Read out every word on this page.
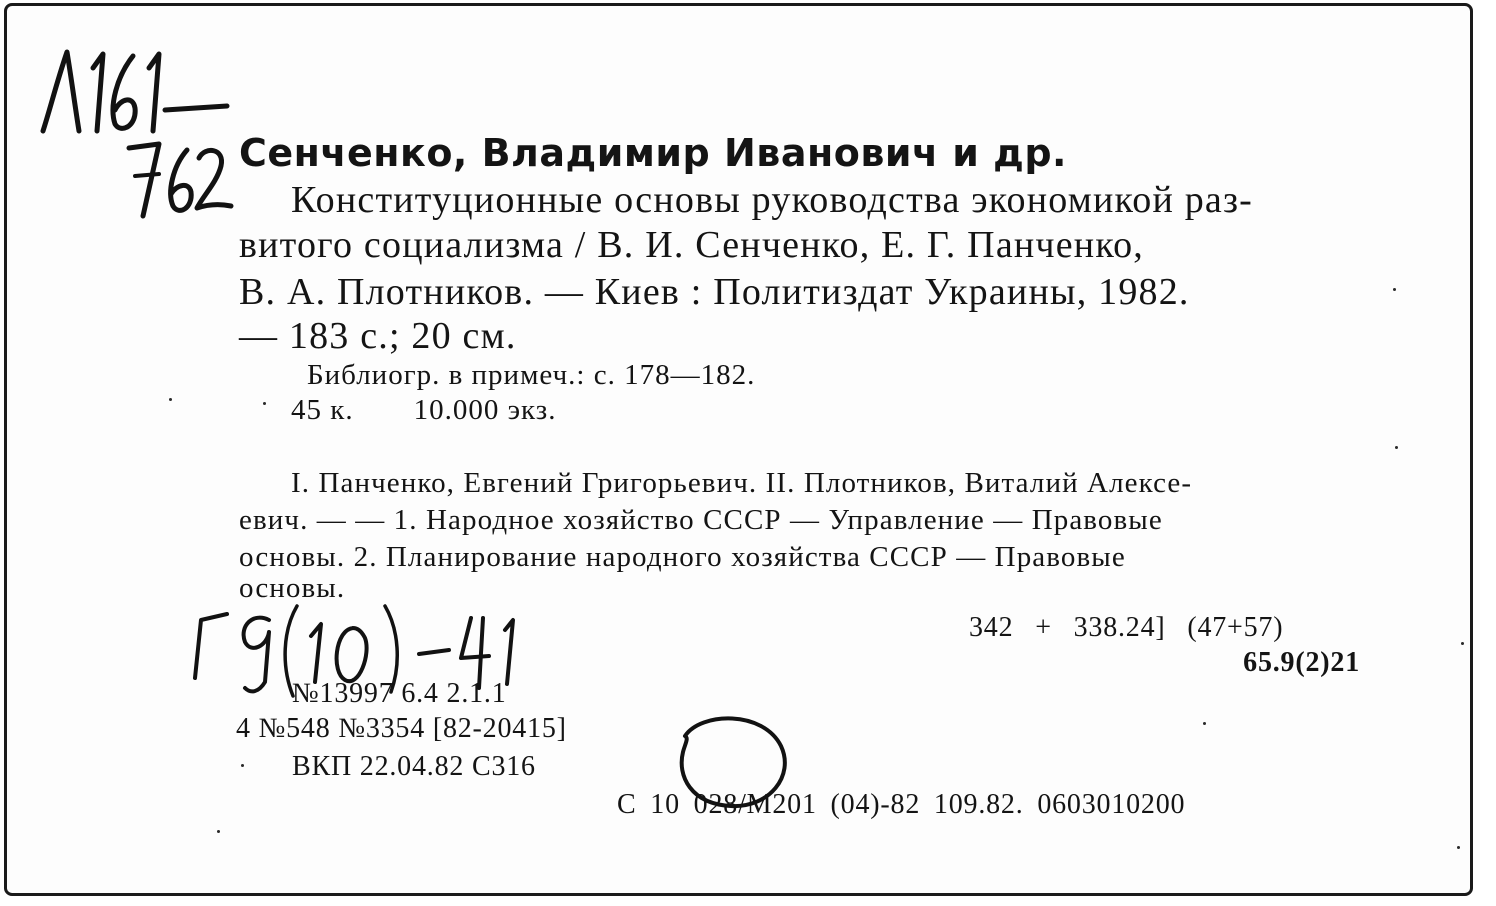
Сенченко, Владимир Иванович и др.
Конституционные основы руководства экономикой раз-
витого социализма / В. И. Сенченко, Е. Г. Панченко,
В. А. Плотников. — Киев : Политиздат Украины, 1982.
— 183 с.; 20 см.
Библиогр. в примеч.: с. 178—182.
45 к. 10.000 экз.
I. Панченко, Евгений Григорьевич. II. Плотников, Виталий Алексе-
евич. — — 1. Народное хозяйство СССР — Управление — Правовые
основы. 2. Планирование народного хозяйства СССР — Правовые
основы.
342 + 338.24] (47+57)
65.9(2)21
№13997 6.4 2.1.1
4 №548 №3354 [82-20415]
ВКП 22.04.82 С316
С 10 028/М201 (04)-82 109.82. 0603010200
